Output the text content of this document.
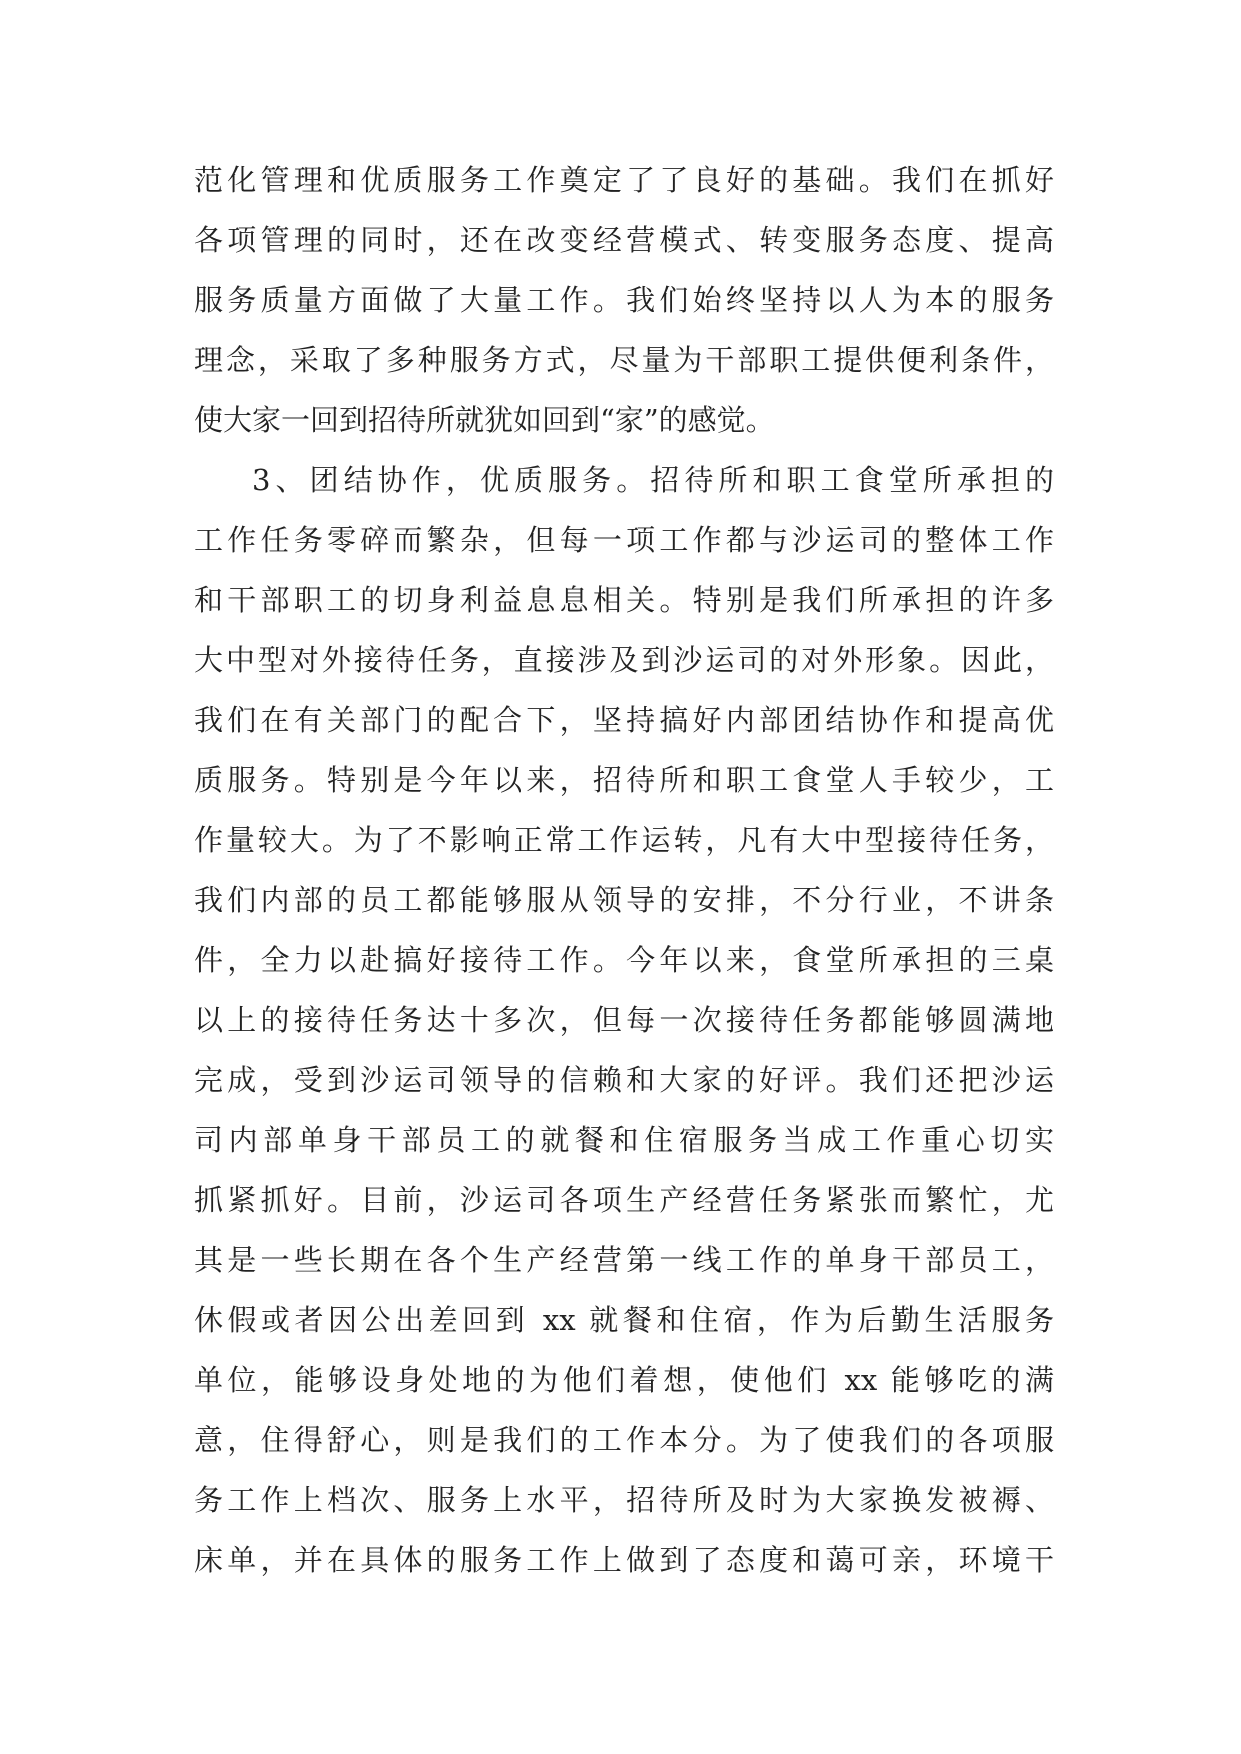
范化管理和优质服务工作奠定了了良好的基础。我们在抓好
各项管理的同时，还在改变经营模式、转变服务态度、提高
服务质量方面做了大量工作。我们始终坚持以人为本的服务
理念，采取了多种服务方式，尽量为干部职工提供便利条件，
使大家一回到招待所就犹如回到“家”的感觉。
3、团结协作，优质服务。招待所和职工食堂所承担的
工作任务零碎而繁杂，但每一项工作都与沙运司的整体工作
和干部职工的切身利益息息相关。特别是我们所承担的许多
大中型对外接待任务，直接涉及到沙运司的对外形象。因此，
我们在有关部门的配合下，坚持搞好内部团结协作和提高优
质服务。特别是今年以来，招待所和职工食堂人手较少，工
作量较大。为了不影响正常工作运转，凡有大中型接待任务，
我们内部的员工都能够服从领导的安排，不分行业，不讲条
件，全力以赴搞好接待工作。今年以来，食堂所承担的三桌
以上的接待任务达十多次，但每一次接待任务都能够圆满地
完成，受到沙运司领导的信赖和大家的好评。我们还把沙运
司内部单身干部员工的就餐和住宿服务当成工作重心切实
抓紧抓好。目前，沙运司各项生产经营任务紧张而繁忙，尤
其是一些长期在各个生产经营第一线工作的单身干部员工，
休假或者因公出差回到 xx 就餐和住宿，作为后勤生活服务
单位，能够设身处地的为他们着想，使他们 xx 能够吃的满
意，住得舒心，则是我们的工作本分。为了使我们的各项服
务工作上档次、服务上水平，招待所及时为大家换发被褥、
床单，并在具体的服务工作上做到了态度和蔼可亲，环境干
